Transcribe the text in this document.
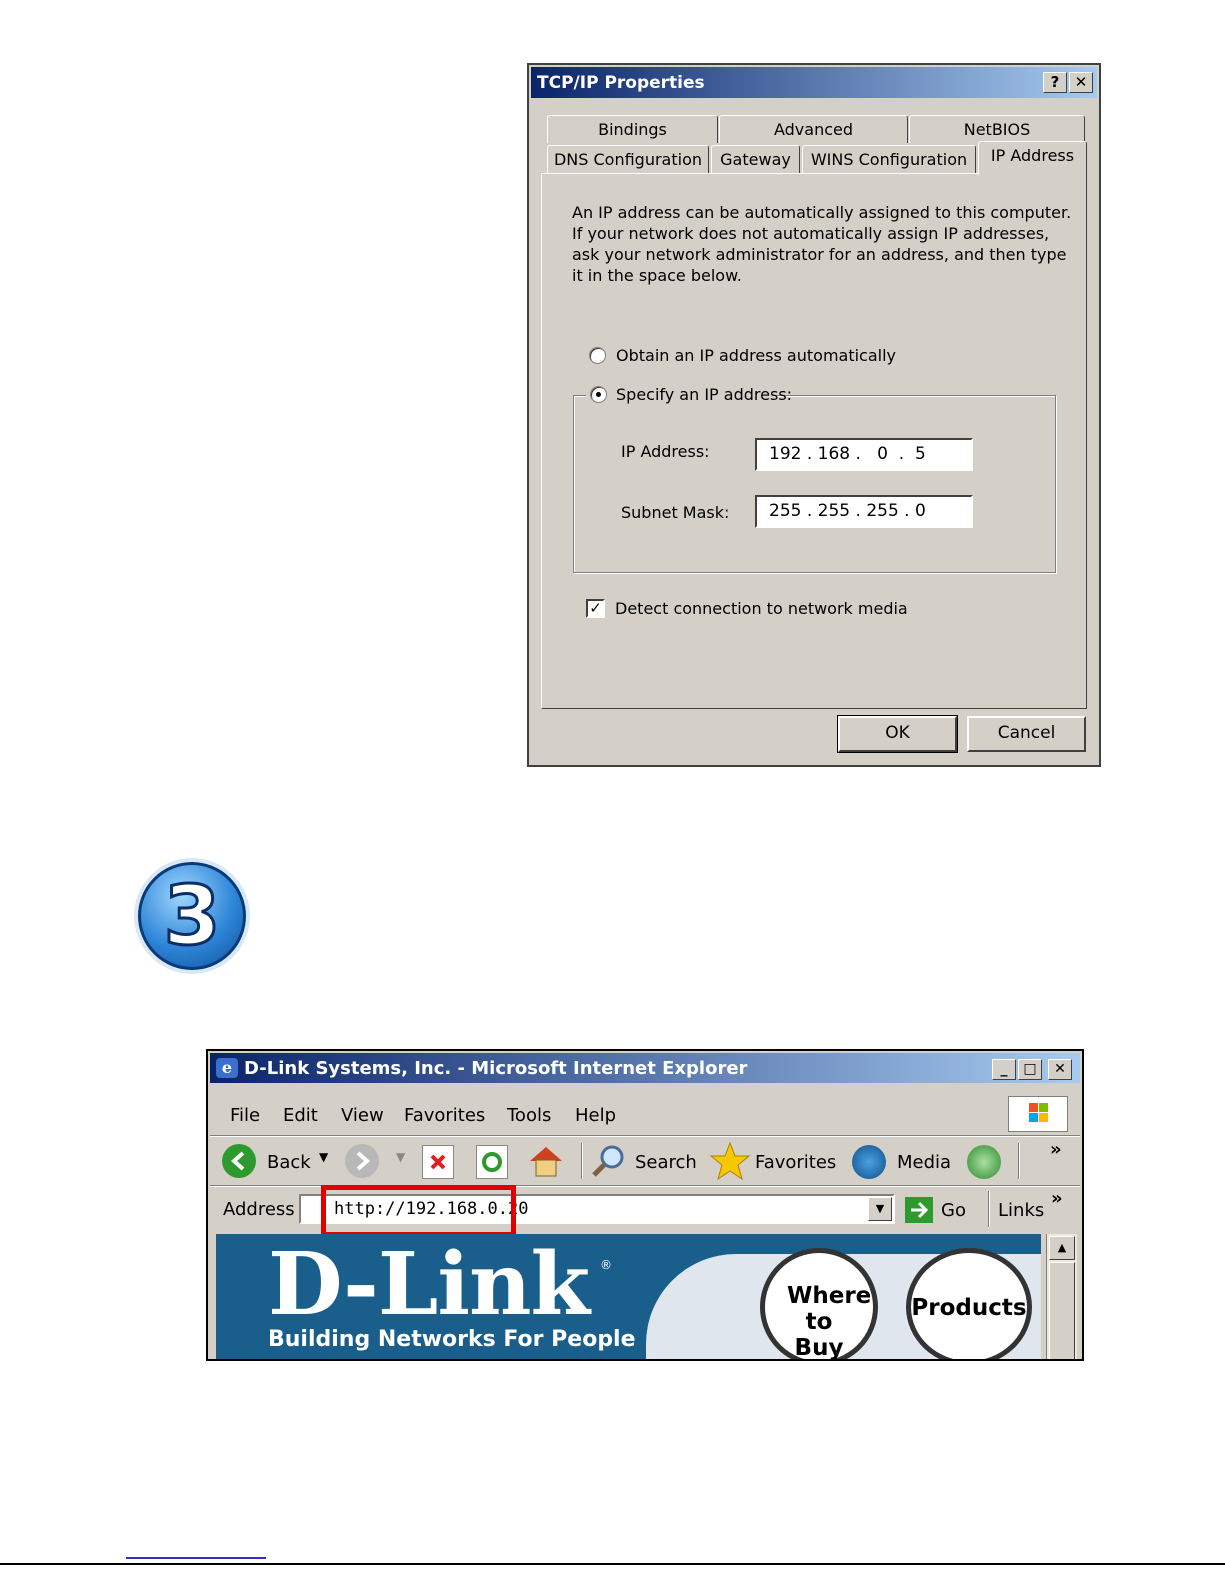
TCP/IP Properties	?	✕
Bindings	Advanced	NetBIOS
DNS Configuration	Gateway	WINS Configuration	IP Address
An IP address can be automatically assigned to this computer. If your network does not automatically assign IP addresses, ask your network administrator for an address, and then type it in the space below.
Obtain an IP address automatically
Specify an IP address:
IP Address:	192 . 168 .   0  .  5
Subnet Mask:	255 . 255 . 255 . 0
✓ Detect connection to network media
OK	Cancel
3
e D-Link Systems, Inc. - Microsoft Internet Explorer	_	□	✕
File Edit View Favorites Tools Help
Back ▼	▼	Search	Favorites	Media
»
Address http://192.168.0.20	▼	Go Links
»
D-Link ®
Building Networks For People
Where to Buy
Products
▲
